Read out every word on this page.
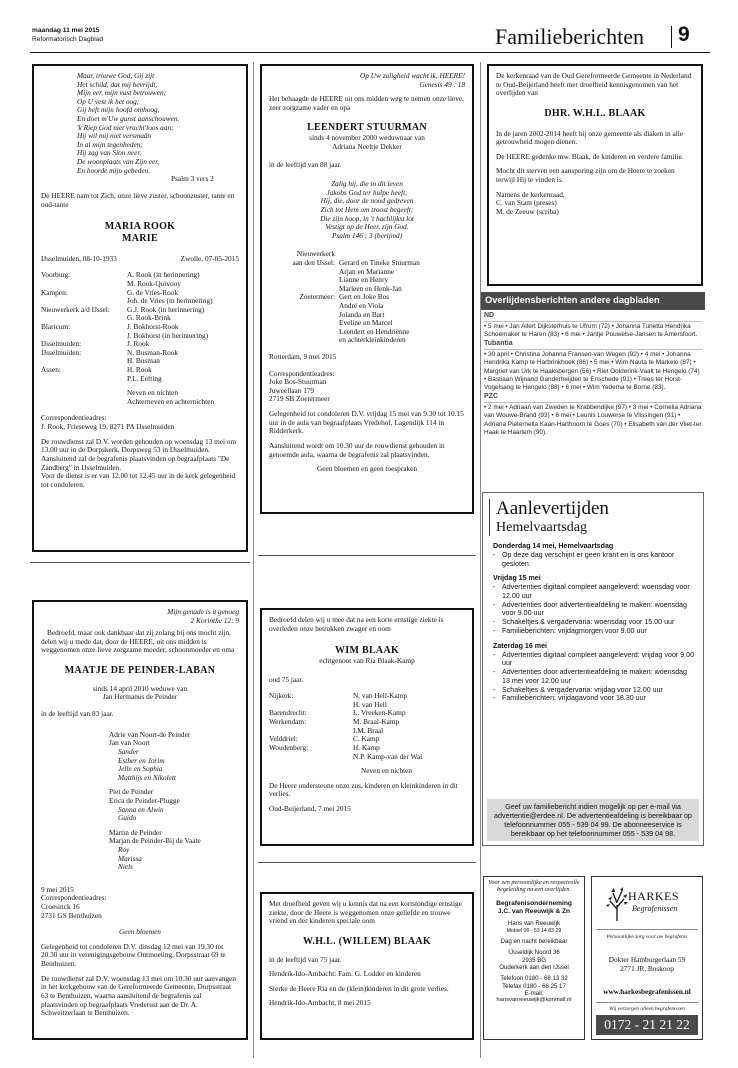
maandag 11 mei 2015
Reformatorisch Dagblad	Familieberichten 9
Maar, trouwe God, Gij zijt
Het schild, dat mij bevrijdt,
Mijn eer, mijn vast betrouwen;
Op U vest ik het oog;
Gij heft mijn hoofd omhoog,
En doet m'Uw gunst aanschouwen.
'k Riep God niet vrucht'loos aan;
Hij wil mij niet versmaân
In al mijn tegenheden;
Hij zag van Sion neer,
De woonplaats van Zijn eer,
En hoorde mijn gebeden.
Psalm 3 vers 2
De HEERE nam tot Zich, onze lieve zuster, schoonzuster, tante en oud-tante
MARIA ROOK
MARIE
IJsselmuiden, 08-10-1933	Zwolle, 07-05-2015
Voorburg:	A. Rook (in herinnering)
M. Rook-Quivooy
Kampen:	G. de Vries-Rook
Joh. de Vries (in herinnering)
Nieuwerkerk a/d IJssel:	G.J. Rook (in herinnering)
G. Rook-Brink
Blaricum:	J. Bokhorst-Rook
J. Bokhorst (in herinnering)
IJsselmuiden:	J. Rook
IJsselmuiden:	N. Busman-Rook
H. Busman
Assen:	H. Rook
P.L. Eefting
Neven en nichten
Achterneven en achternichten
Correspondentieadres:
J. Rook, Frieseweg 19, 8271 PA IJsselmuiden
De rouwdienst zal D.V. worden gehouden op woensdag 13 mei om 13.00 uur in de Dorpskerk, Dorpsweg 53 in IJsselmuiden.
Aansluitend zal de begrafenis plaatsvinden op begraafplaats "De Zandberg" in IJsselmuiden.
Voor de dienst is er van 12.00 tot 12.45 uur in de kerk gelegenheid tot condoleren.
Op Uw zaligheid wacht ik, HEERE!
Genesis 49 : 18
Het behaagde de HEERE uit ons midden weg te nemen onze lieve, zeer zorgzame vader en opa
LEENDERT STUURMAN
sinds 4 november 2000 weduwnaar van
Adriana Neeltje Dekker
in de leeftijd van 88 jaar.
Zalig hij, die in dit leven
Jakobs God ter hulpe heeft;
Hij, die, door de nood gedreven
Zich tot Hem om troost begeeft;
Die zijn hoop, in 't hachlijkst lot
Vestigt op de Heer, zijn God.
Psalm 146 : 3 (berijmd)
Nieuwerkerk
aan den IJssel: Gerard en Tineke Stuurman
Arjan en Marianne
Lianne en Henry
Marleen en Henk-Jan
Zoetermeer: Gert en Joke Bos
André en Viola
Jolanda en Bart
Eveline en Marcel
Leendert en Hendriënne
en achterkleinkinderen
Rotterdam, 9 mei 2015
Correspondentieadres:
Joke Bos-Stuurman
Juweellaan 179
2719 SB Zoetermeer
Gelegenheid tot condoleren D.V. vrijdag 15 mei van 9.30 tot 10.15 uur in de aula van begraafplaats Vredehof, Lagendijk 114 in Ridderkerk.
Aansluitend wordt om 10.30 uur de rouwdienst gehouden in genoemde aula, waarna de begrafenis zal plaatsvinden.
Geen bloemen en geen toespraken
De kerkenraad van de Oud Gereformeerde Gemeente in Nederland te Oud-Beijerland heeft met droefheid kennisgenomen van het overlijden van
DHR. W.H.L. BLAAK
In de jaren 2002-2014 heeft hij onze gemeente als diaken in alle getrouwheid mogen dienen.
De HEERE gedenke mw. Blaak, de kinderen en verdere familie.
Mocht dit sterven een aansporing zijn om de Heere te zoeken terwijl Hij te vinden is.
Namens de kerkenraad,
C. van Stam (preses)
M. de Zeeuw (scriba)
Overlijdensberichten andere dagbladen
ND
• 5 mei • Jan Allert Dijksterhuis te Ufrum (72) • Johanna Tunetta Hendrika Schoemaker te Haren (83) • 6 mei • Jantje Pouwelse-Jansen te Amersfoort.
Tubantia
• 30 april • Christina Johanna Fransen-van Wegen (92) • 4 mei • Johanna Hendrika Kamp te Harbrinkhoek (86) • 5 mei • Wim Nauta te Markelo (87) • Margriet van Urk te Haaksbergen (56) • Riet Oolderink-Vaalt te Hengelo (74) • Bastiaan Wijnand Ganderheijden te Enschede (91) • Trees ter Horst-Vogelsang te Hengelo (88) • 6 mei • Wim Yedema te Borne (83).
PZC
• 2 mei • Adriaan van Zweden te Krabbendijke (97) • 3 mei • Cornelia Adriana van Wouwe-Brand (93) • 6 mei • Leunis Louwerse te Vlissingen (91) • Adriana Pieternella Kaan-Harthoorn te Goes (70) • Elisabeth van der Vliet-ter Haak te Haarlem (90).
Aanlevertijden
Hemelvaartsdag
Donderdag 14 mei, Hemelvaartsdag
- Op deze dag verschijnt er geen krant en is ons kantoor gesloten.
Vrijdag 15 mei
- Advertenties digitaal compleet aangeleverd: woensdag voor 12.00 uur
- Advertenties door advertentieafdeling te maken: woensdag voor 9.00 uur
- Schakeltjes & vergadervaria: woensdag voor 15.00 uur
- Familieberichten: vrijdagmorgen voor 9.00 uur
Zaterdag 16 mei
- Advertenties digitaal compleet aangeleverd: vrijdag voor 9.00 uur
- Advertenties door advertentieafdeling te maken: woensdag 13 mei voor 12.00 uur
- Schakeltjes & vergadervaria: vrijdag voor 12.00 uur
- Familieberichten: vrijdagavond voor 18.30 uur
Geef uw familiebericht indien mogelijk op per e-mail via advertentie@erdee.nl. De advertentieafdeling is bereikbaar op telefoonnummer 055 - 539 04 99. De abonneeservice is bereikbaar op het telefoonnummer 055 - 539 04 98.
Mijn genade is u genoeg
2 Korinthe 12: 9
Bedroefd, maar ook dankbaar dat zij zolang bij ons mocht zijn, delen wij u mede dat, door de HEERE, uit ons midden is weggenomen onze lieve zorgzame moeder, schoonmoeder en oma
MAATJE DE PEINDER-LABAN
sinds 14 april 2010 weduwe van
Jan Hermanus de Peinder
in de leeftijd van 83 jaar.
Adrie van Noort-de Peinder
Jan van Noort
Sander
Esther en Jorim
Jelle en Sophia
Matthijs en Nikolett
Piet de Peinder
Erica de Peinder-Plugge
Sanna en Alwin
Guido
Martin de Peinder
Marjan de Peinder-Bij de Vaate
Roy
Marissa
Niels
9 mei 2015
Correspondentieadres:
Croesinck 16
2731 GS Benthuizen
Geen bloemen
Gelegenheid tot condoleren D.V. dinsdag 12 mei van 19.30 tot 20.30 uur in verenigingsgebouw Ontmoeting, Dorpsstraat 69 te Benthuizen.
De rouwdienst zal D.V. woensdag 13 mei om 10.30 uur aanvangen in het kerkgebouw van de Gereformeerde Gemeente, Dorpsstraat 63 te Benthuizen, waarna aansluitend de begrafenis zal plaatsvinden op begraafplaats Vrederust aan de Dr. A. Schweitzerlaan te Benthuizen.
Bedroefd delen wij u mee dat na een korte ernstige ziekte is overleden onze betrokken zwager en oom
WIM BLAAK
echtgenoot van Ria Blaak-Kamp
oud 75 jaar.
Nijkerk:	N. van Hell-Kamp
H. van Hell
Barendrecht:	L. Vreeken-Kamp
Werkendam:	M. Braal-Kamp
I.M. Braal
Velddriel:	C. Kamp
Woudenberg:	H. Kamp
N.P. Kamp-van der Wal
Neven en nichten
De Heere ondersteune onze zus, kinderen en kleinkinderen in dit verlies.
Oud-Beijerland, 7 mei 2015
Met droefheid geven wij u kennis dat na een kortstondige ernstige ziekte, door de Heere is weggenomen onze geliefde en trouwe vriend en der kinderen speciale oom
W.H.L. (WILLEM) BLAAK
in de leeftijd van 75 jaar.
Hendrik-Ido-Ambacht: Fam. G. Lodder en kinderen
Sterke de Heere Ria en de (klein)kinderen in dit grote verlies.
Hendrik-Ido-Ambacht, 8 mei 2015
Voor een persoonlijke en respectvolle begeleiding na een overlijden.
Begrafenisonderneming
J.C. van Reeuwijk & Zn
Hans van Reeuwijk
Mobiel 06 - 53 14 83 29
Dag en nacht bereikbaar
IJsseldijk Noord 36
2935 BG
Ouderkerk aan den IJssel
Telefoon 0180 - 68 13 32
Telefax 0180 - 68 25 17
E-mail:
hansvanreeuwijk@kpnmail.nl
HARKES
Begrafenissen
Persoonlijke zorg voor uw begrafenis
Dokter Hamburgerlaan 59
2771 JR, Boskoop
www.harkesbegrafenissen.nl
Wij verzorgen alleen begrafenissen
0172 - 21 21 22
